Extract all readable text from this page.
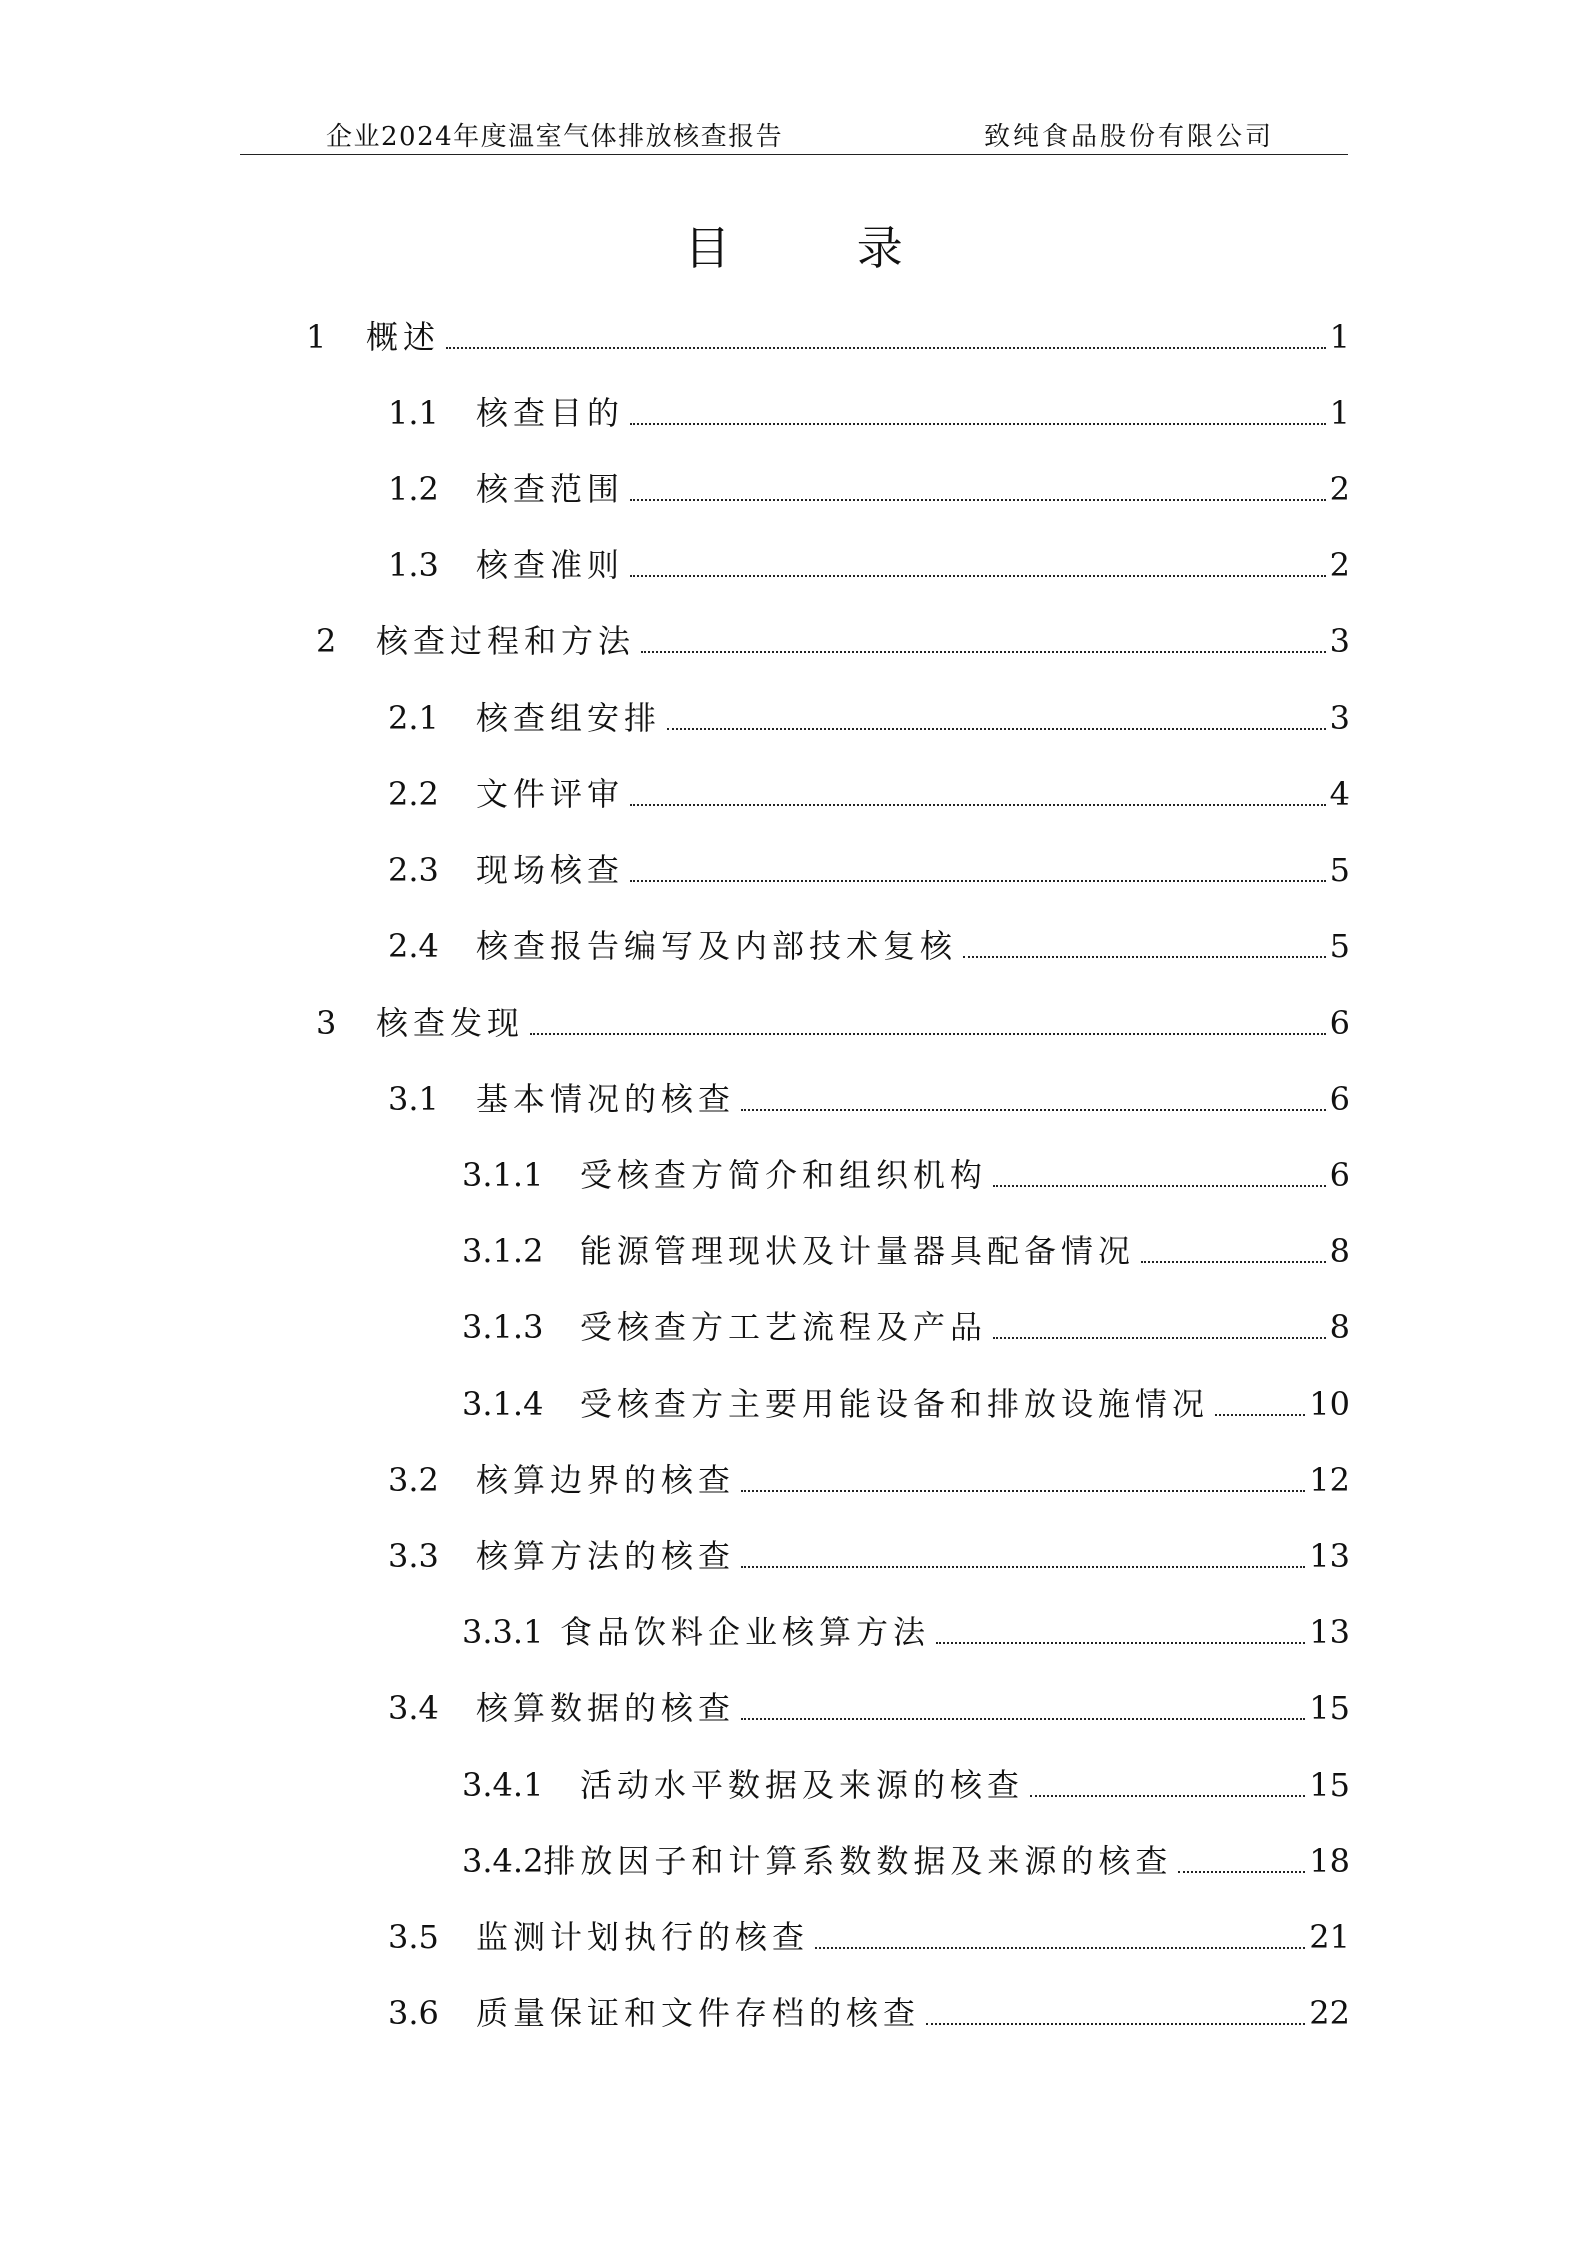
企业2024年度温室气体排放核查报告	致纯食品股份有限公司
目 录
1	概述	1
1.1	核查目的	1
1.2	核查范围	2
1.3	核查准则	2
2	核查过程和方法	3
2.1	核查组安排	3
2.2	文件评审	4
2.3	现场核查	5
2.4	核查报告编写及内部技术复核	5
3	核查发现	6
3.1	基本情况的核查	6
3.1.1	受核查方简介和组织机构	6
3.1.2	能源管理现状及计量器具配备情况	8
3.1.3	受核查方工艺流程及产品	8
3.1.4	受核查方主要用能设备和排放设施情况	10
3.2	核算边界的核查	12
3.3	核算方法的核查	13
3.3.1 食品饮料企业核算方法	13
3.4	核算数据的核查	15
3.4.1	活动水平数据及来源的核查	15
3.4.2 排放因子和计算系数数据及来源的核查	18
3.5	监测计划执行的核查	21
3.6	质量保证和文件存档的核查	22
